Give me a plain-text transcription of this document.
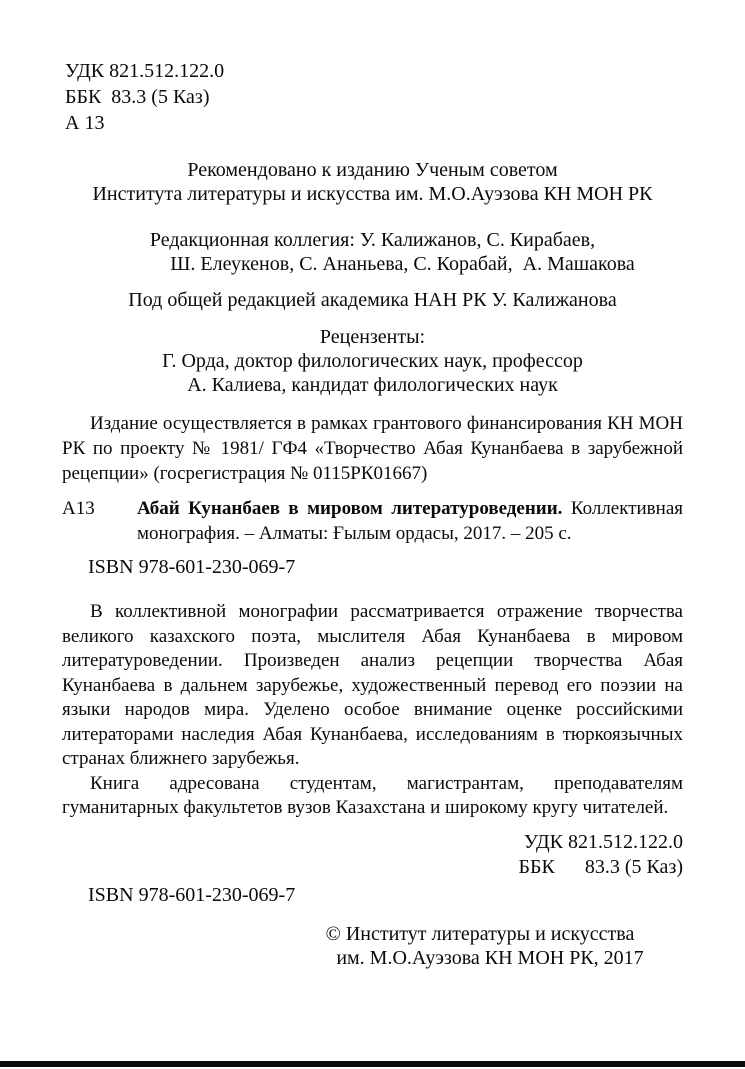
УДК 821.512.122.0
ББК  83.3 (5 Каз)
А 13
Рекомендовано к изданию Ученым советом
Института литературы и искусства им. М.О.Ауэзова КН МОН РК
Редакционная коллегия: У. Калижанов, С. Кирабаев,
Ш. Елеукенов, С. Ананьева, С. Корабай,  А. Машакова
Под общей редакцией академика НАН РК У. Калижанова
Рецензенты:
Г. Орда, доктор филологических наук, профессор
А. Калиева, кандидат филологических наук
Издание осуществляется в рамках грантового финансирования КН МОН РК по проекту № 1981/ ГФ4 «Творчество Абая Кунанбаева в зарубежной рецепции» (госрегистрация № 0115РК01667)
А13 Абай Кунанбаев в мировом литературоведении. Коллективная монография. – Алматы: Ғылым ордасы, 2017. – 205 с.
ISBN 978-601-230-069-7

В коллективной монографии рассматривается отражение творчества великого казахского поэта, мыслителя Абая Кунанбаева в мировом литературоведении. Произведен анализ рецепции творчества Абая Кунанбаева в дальнем зарубежье, художественный перевод его поэзии на языки народов мира. Уделено особое внимание оценке российскими литераторами наследия Абая Кунанбаева, исследованиям в тюркоязычных странах ближнего зарубежья.

Книга адресована студентам, магистрантам, преподавателям гуманитарных факультетов вузов Казахстана и широкому кругу читателей.

УДК 821.512.122.0
ББК      83.3 (5 Каз)
ISBN 978-601-230-069-7
© Институт литературы и искусства
им. М.О.Ауэзова КН МОН РК, 2017
